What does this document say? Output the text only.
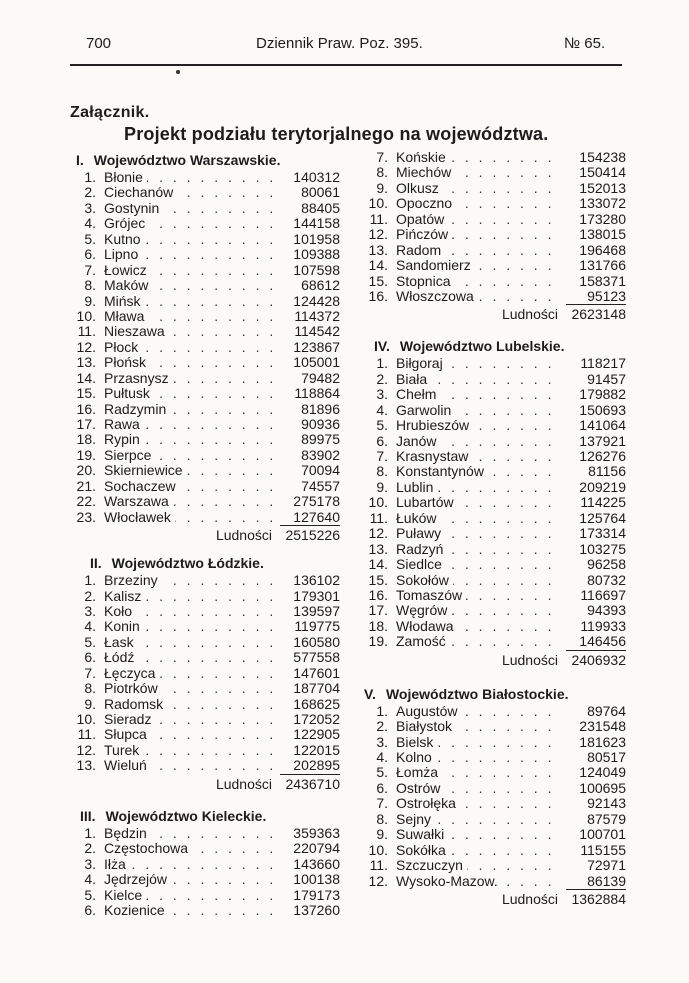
700	Dziennik Praw. Poz. 395.	№ 65.
Załącznik.
Projekt podziału terytorjalnego na województwa.
I. Województwo Warszawskie.
1. . . . Błonie	140312
2. . . . Ciechanów	80061
3. . . . Gostynin	88405
4. . . . Grójec	144158
5. . . . Kutno	101958
6. . . . Lipno	109388
7. . . . Łowicz	107598
8. . . . Maków	68612
9. . . . Mińsk	124428
10. . . . Mława	114372
11. . . . Nieszawa	114542
12. . . . Płock	123867
13. . . . Płońsk	105001
14. . . . Przasnysz	79482
15. . . . Pułtusk	118864
16. . . . Radzymin	81896
17. . . . Rawa	90936
18. . . . Rypin	89975
19. . . . Sierpce	83902
20. . . . Skierniewice	70094
21. . . . Sochaczew	74557
22. . . . Warszawa	275178
23. . . . Włocławek	127640
Ludności 2515226
II. Województwo Łódzkie.
1. . . . Brzeziny	136102
2. . . . Kalisz	179301
3. . . . Koło	139597
4. . . . Konin	119775
5. . . . Łask	160580
6. . . . Łódź	577558
7. . . . Łęczyca	147601
8. . . . Piotrków	187704
9. . . . Radomsk	168625
10. . . . Sieradz	172052
11. . . . Słupca	122905
12. . . . Turek	122015
13. . . . Wieluń	202895
Ludności 2436710
III. Województwo Kieleckie.
1. . . . Będzin	359363
2. . . . Częstochowa	220794
3. . . . Iłża	143660
4. . . . Jędrzejów	100138
5. . . . Kielce	179173
6. . . . Kozienice	137260
7. . . . Końskie	154238
8. . . . Miechów	150414
9. . . . Olkusz	152013
10. . . . Opoczno	133072
11. . . . Opatów	173280
12. . . . Pińczów	138015
13. . . . Radom	196468
14. . . . Sandomierz	131766
15. . . . Stopnica	158371
16. . . . Włoszczowa	95123
Ludności 2623148
IV. Województwo Lubelskie.
1. . . . Biłgoraj	118217
2. . . . Biała	91457
3. . . . Chełm	179882
4. . . . Garwolin	150693
5. . . . Hrubieszów	141064
6. . . . Janów	137921
7. . . . Krasnystaw	126276
8. . . . Konstantynów	81156
9. . . . Lublin	209219
10. . . . Lubartów	114225
11. . . . Łuków	125764
12. . . . Puławy	173314
13. . . . Radzyń	103275
14. . . . Siedlce	96258
15. . . . Sokołów	80732
16. . . . Tomaszów	116697
17. . . . Węgrów	94393
18. . . . Włodawa	119933
19. . . . Zamość	146456
Ludności 2406932
V. Województwo Białostockie.
1. . . . Augustów	89764
2. . . . Białystok	231548
3. . . . Bielsk	181623
4. . . . Kolno	80517
5. . . . Łomża	124049
6. . . . Ostrów	100695
7. . . . Ostrołęka	92143
8. . . . Sejny	87579
9. . . . Suwałki	100701
10. . . . Sokółka	115155
11. . . . Szczuczyn	72971
12. . . . Wysoko-Mazow.	86139
Ludności 1362884
